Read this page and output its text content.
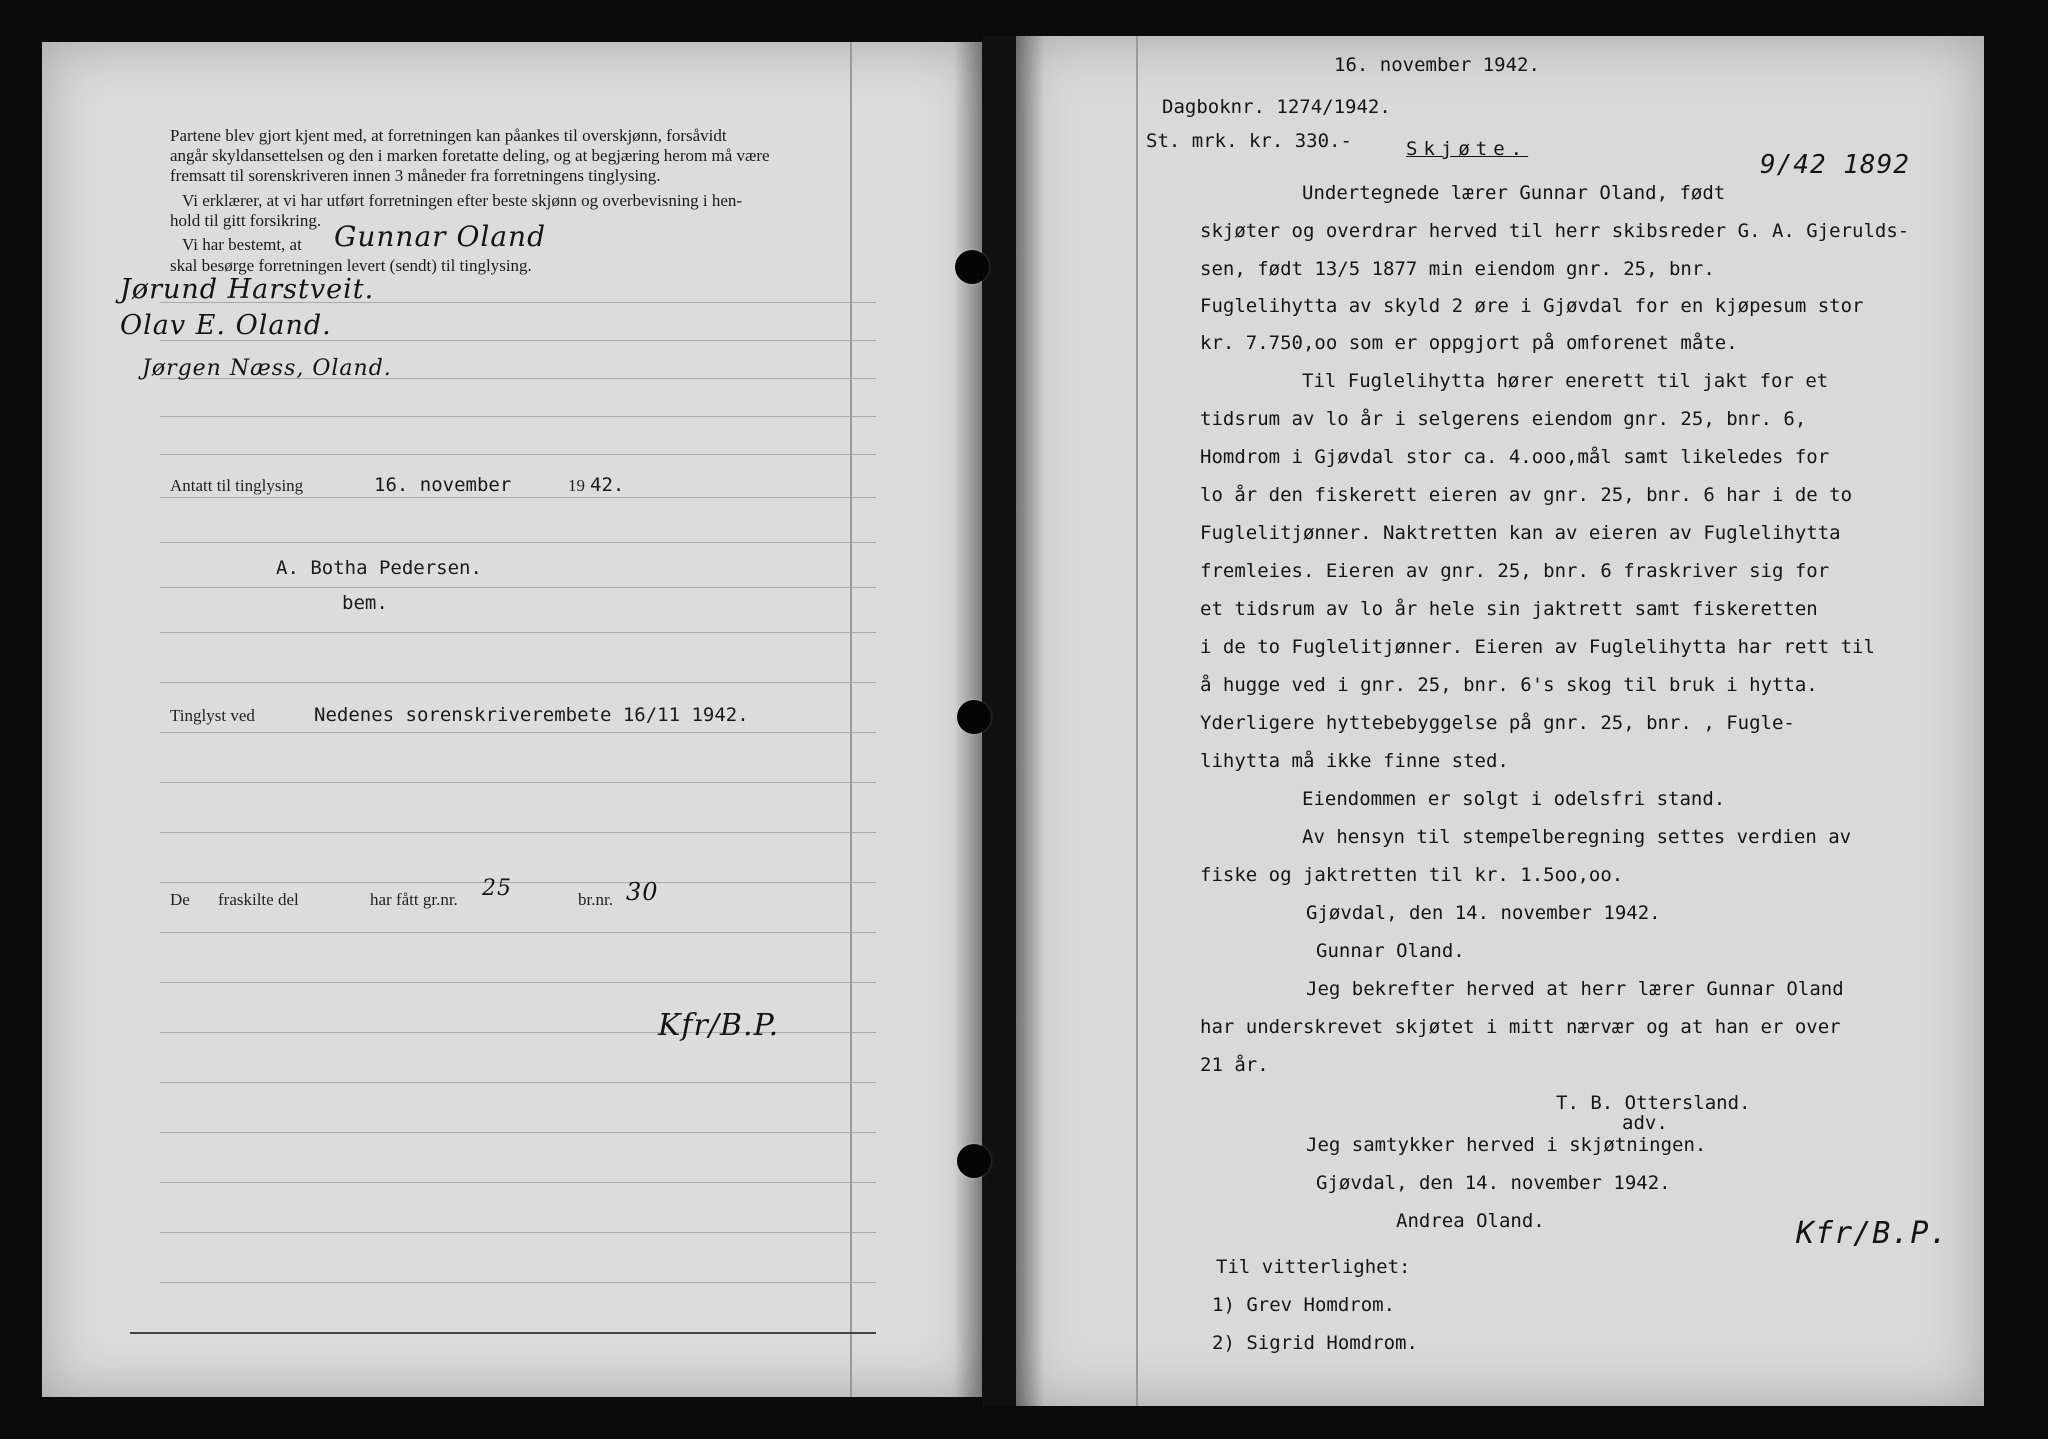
Partene blev gjort kjent med, at forretningen kan påankes til overskjønn, forsåvidt
angår skyldansettelsen og den i marken foretatte deling, og at begjæring herom må være
fremsatt til sorenskriveren innen 3 måneder fra forretningens tinglysing.
Vi erklærer, at vi har utført forretningen efter beste skjønn og overbevisning i hen-
hold til gitt forsikring.
Vi har bestemt, at
skal besørge forretningen levert (sendt) til tinglysing.
Gunnar Oland
Jørund Harstveit.
Olav E. Oland.
Jørgen Næss, Oland.
Antatt til tinglysing	16. november	19 42.
A. Botha Pedersen.
bem.
Tinglyst ved	Nedenes sorenskriverembete 16/11 1942.
De fraskilte del	har fått gr.nr. 25	br.nr. 30
Kfr/B.P.
16. november 1942.
Dagboknr. 1274/1942.
St. mrk. kr. 330.-	Skjøte.
9/42 1892
Undertegnede lærer Gunnar Oland, født
skjøter og overdrar herved til herr skibsreder G. A. Gjerulds-
sen, født 13/5 1877 min eiendom gnr. 25, bnr.
Fuglelihytta av skyld 2 øre i Gjøvdal for en kjøpesum stor
kr. 7.750,oo som er oppgjort på omforenet måte.
Til Fuglelihytta hører enerett til jakt for et
tidsrum av lo år i selgerens eiendom gnr. 25, bnr. 6,
Homdrom i Gjøvdal stor ca. 4.ooo,mål samt likeledes for
lo år den fiskerett eieren av gnr. 25, bnr. 6 har i de to
Fuglelitjønner. Naktretten kan av eieren av Fuglelihytta
fremleies. Eieren av gnr. 25, bnr. 6 fraskriver sig for
et tidsrum av lo år hele sin jaktrett samt fiskeretten
i de to Fuglelitjønner. Eieren av Fuglelihytta har rett til
å hugge ved i gnr. 25, bnr. 6's skog til bruk i hytta.
Yderligere hyttebebyggelse på gnr. 25, bnr. , Fugle-
lihytta må ikke finne sted.
Eiendommen er solgt i odelsfri stand.
Av hensyn til stempelberegning settes verdien av
fiske og jaktretten til kr. 1.5oo,oo.
Gjøvdal, den 14. november 1942.
Gunnar Oland.
Jeg bekrefter herved at herr lærer Gunnar Oland
har underskrevet skjøtet i mitt nærvær og at han er over
21 år.
T. B. Ottersland.
adv.
Jeg samtykker herved i skjøtningen.
Gjøvdal, den 14. november 1942.
Andrea Oland.
Til vitterlighet:
1) Grev Homdrom.
2) Sigrid Homdrom.
Kfr/B.P.
